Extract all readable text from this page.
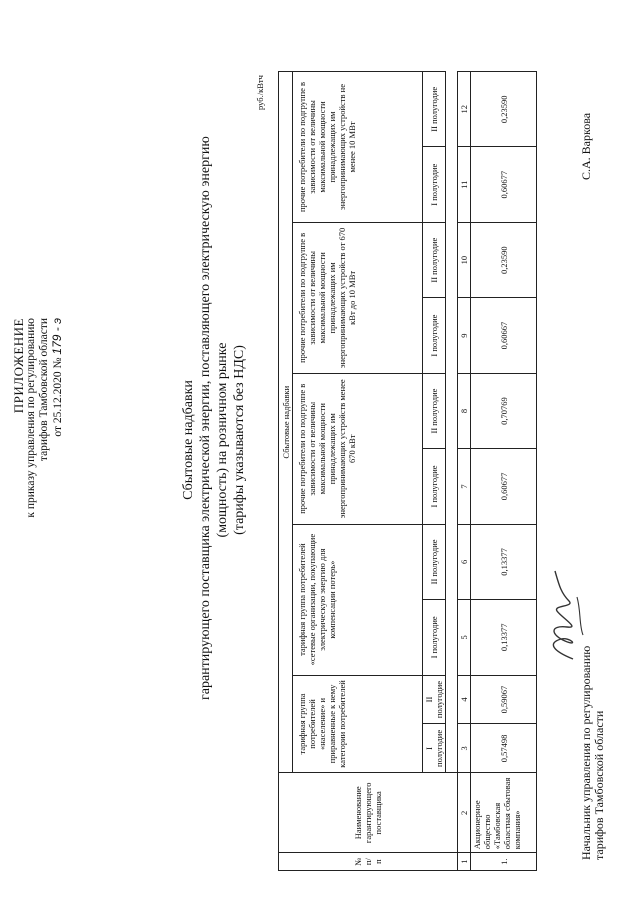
ПРИЛОЖЕНИЕ к приказу управления по регулированию тарифов Тамбовской области от 25.12.2020 № 179 - э
Сбытовые надбавки гарантирующего поставщика электрической энергии, поставляющего электрическую энергию (мощность) на розничном рынке (тарифы указываются без НДС)
руб./кВтч
№ п/п	Наименование гарантирующего поставщика	Сбытовые надбавки									
		тарифная группа потребителей «население» и приравненные к нему категории потребителей		тарифная группа потребителей «сетевые организации, покупающие электрическую энергию для компенсации потерь»		прочие потребители по подгруппе в зависимости от величины максимальной мощности принадлежащих им энергопринимающих устройств менее 670 кВт		прочие потребители по подгруппе в зависимости от величины максимальной мощности принадлежащих им энергопринимающих устройств от 670 кВт до 10 МВт		прочие потребители по подгруппе в зависимости от величины максимальной мощности принадлежащих им энергопринимающих устройств не менее 10 МВт	
		I полугодие	II полугодие	I полугодие	II полугодие	I полугодие	II полугодие	I полугодие	II полугодие	I полугодие	II полугодие

1	2	3	4	5	6	7	8	9	10	11	12
1.	Акционерное общество «Тамбовская областная сбытовая компания»	0,57498	0,59067	0,13377	0,13377	0,60677	0,70769	0,60667	0,23590	0,60677	0,23590
Начальник управления по регулированию тарифов Тамбовской области
С.А. Варкова
